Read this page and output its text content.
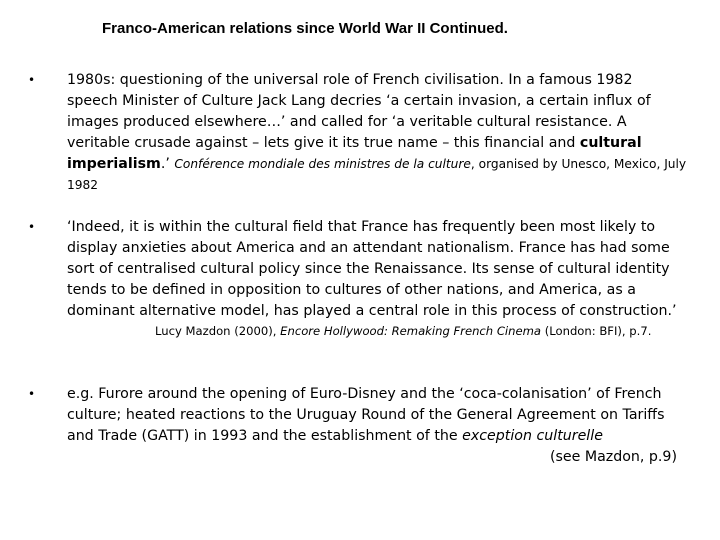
Franco-American relations since World War II Continued.
• 1980s: questioning of the universal role of French civilisation. In a famous 1982 speech Minister of Culture Jack Lang decries ‘a certain invasion, a certain influx of images produced elsewhere…’ and called for ‘a veritable cultural resistance. A veritable crusade against – lets give it its true name – this financial and cultural imperialism.’ Conférence mondiale des ministres de la culture, organised by Unesco, Mexico, July 1982
• ‘Indeed, it is within the cultural field that France has frequently been most likely to display anxieties about America and an attendant nationalism. France has had some sort of centralised cultural policy since the Renaissance. Its sense of cultural identity tends to be defined in opposition to cultures of other nations, and America, as a dominant alternative model, has played a central role in this process of construction.’
Lucy Mazdon (2000), Encore Hollywood: Remaking French Cinema (London: BFI), p.7.
• e.g. Furore around the opening of Euro-Disney and the ‘coca-colanisation’ of French culture; heated reactions to the Uruguay Round of the General Agreement on Tariffs and Trade (GATT) in 1993 and the establishment of the exception culturelle
(see Mazdon, p.9)
